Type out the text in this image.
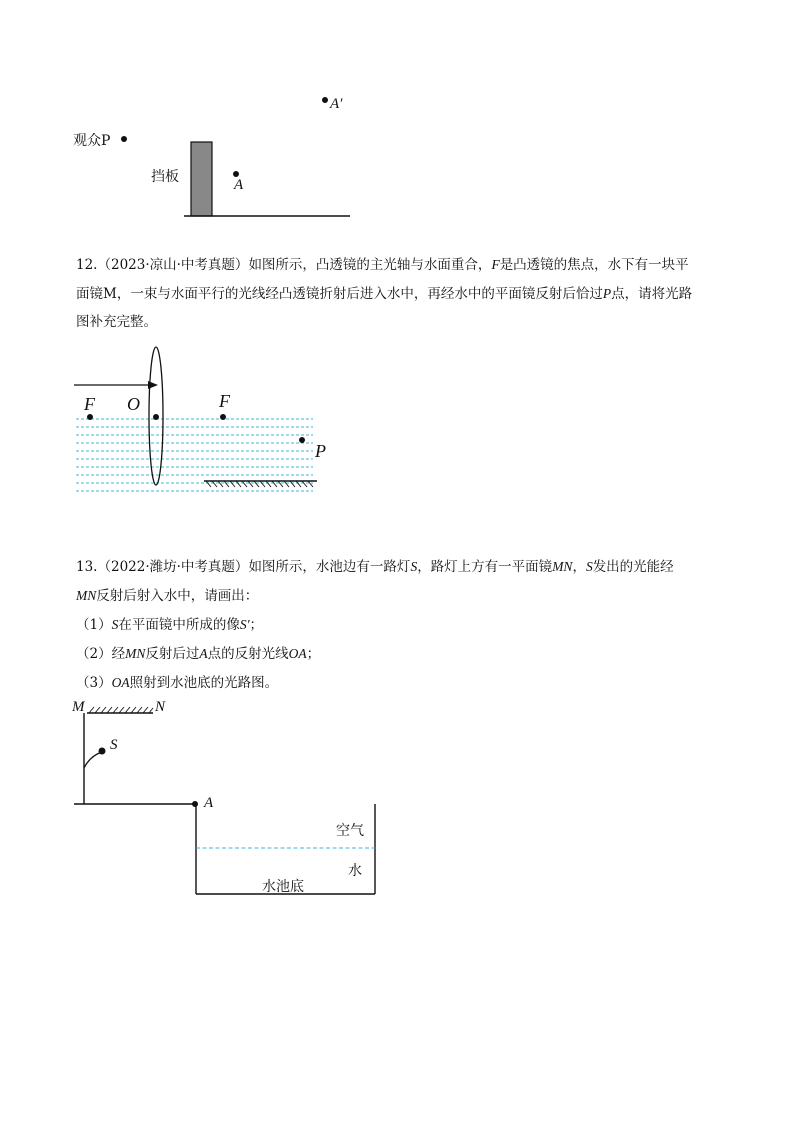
A′
观众P
挡板	A
12.（2023·凉山·中考真题）如图所示，凸透镜的主光轴与水面重合，F是凸透镜的焦点，水下有一块平
面镜M，一束与水面平行的光线经凸透镜折射后进入水中，再经水中的平面镜反射后恰过P点，请将光路
图补充完整。
F O	F
P
13.（2022·潍坊·中考真题）如图所示，水池边有一路灯S，路灯上方有一平面镜MN，S发出的光能经
MN反射后射入水中，请画出：
（1）S在平面镜中所成的像S′；
（2）经MN反射后过A点的反射光线OA；
（3）OA照射到水池底的光路图。
M	N
S
A
空气
水
水池底
